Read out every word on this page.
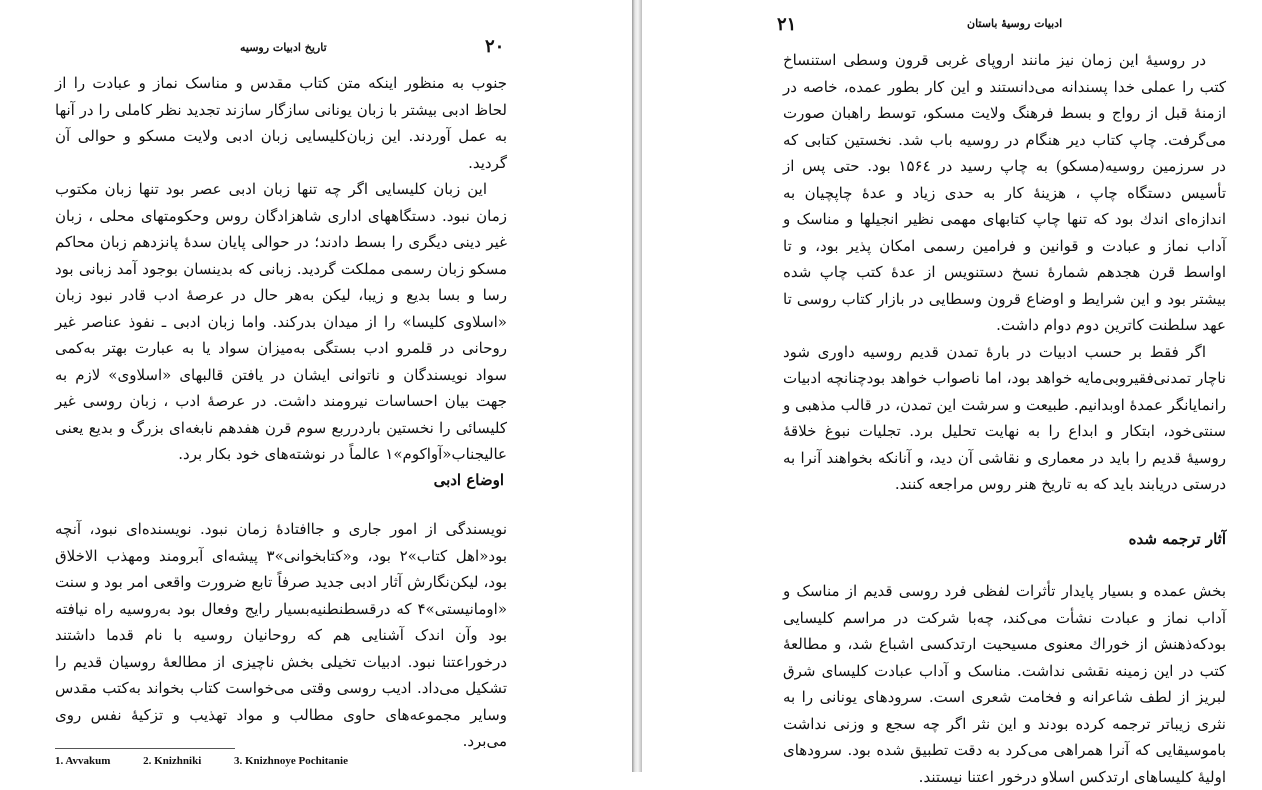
۲۰
تاریخ ادبیات روسیه

جنوب به منظور اینکه متن کتاب مقدس و مناسک نماز و عبادت را از لحاظ ادبی بیشتر با زبان یونانی سازگار سازند تجدید نظر کاملی را در آنها به عمل آوردند. این زبان‌کلیسایی زبان ادبی ولایت مسکو و حوالی آن گردید.

این زبان کلیسایی اگر چه تنها زبان ادبی عصر بود تنها زبان مکتوب زمان نبود. دستگاههای اداری شاهزادگان روس وحکومتهای محلی ، زبان غیر دینی دیگری را بسط دادند؛ در حوالی پایان سدهٔ پانزدهم زبان محاکم مسکو زبان رسمی مملکت گردید. زبانی که بدینسان بوجود آمد زبانی بود رسا و بسا بدیع و زیبا، لیکن به‌هر حال در عرصهٔ ادب قادر نبود زبان «اسلاوی کلیسا» را از میدان بدرکند. واما زبان ادبی ـ نفوذ عناصر غیر روحانی در قلمرو ادب بستگی به‌میزان سواد یا به عبارت بهتر به‌کمی سواد نویسندگان و ناتوانی ایشان در یافتن قالبهای «اسلاوی» لازم به جهت بیان احساسات نیرومند داشت. در عرصهٔ ادب ، زبان روسی غیر کلیسائی را نخستین باردرربع سوم قرن هفدهم نابغه‌ای بزرگ و بدیع یعنی عالیجناب«آواکوم»۱ عالماً در نوشته‌های خود بکار برد.

اوضاع ادبی

نویسندگی از امور جاری و جاافتادهٔ زمان نبود. نویسنده‌ای نبود، آنچه بود«اهل کتاب»۲ بود، و«کتابخوانی»۳ پیشه‌ای آبرومند ومهذب الاخلاق بود، لیکن‌نگارش آثار ادبی جدید صرفاً تابع ضرورت واقعی امر بود و سنت «اومانیستی»۴ که درقسطنطنیه‌بسیار رایج وفعال بود به‌روسیه راه نیافته بود وآن اندک آشنایی هم که روحانیان روسیه با نام قدما داشتند درخوراعتنا نبود. ادبیات تخیلی بخش ناچیزی از مطالعهٔ روسیان قدیم را تشکیل می‌داد. ادیب روسی وقتی می‌خواست کتاب بخواند به‌کتب مقدس وسایر مجموعه‌های حاوی مطالب و مواد تهذیب و تزکیهٔ نفس روی می‌برد.

1. Avvakum	2. Knizhniki	3. Knizhnoye Pochitanie
۲۱	ادبیات روسیهٔ باستان

در روسیهٔ این زمان نیز مانند اروپای غربی قرون وسطی استنساخ کتب را عملی خدا پسندانه می‌دانستند و این کار بطور عمده، خاصه در ازمنهٔ قبل از رواج و بسط فرهنگ ولایت مسکو، توسط راهبان صورت می‌گرفت. چاپ کتاب دیر هنگام در روسیه باب شد. نخستین کتابی که در سرزمین روسیه(مسکو) به چاپ رسید در ۱۵۶٤ بود. حتی پس از تأسیس دستگاه چاپ ، هزینهٔ کار به حدی زیاد و عدهٔ چاپچیان به اندازه‌ای اندك بود که تنها چاپ کتابهای مهمی نظیر انجیلها و مناسک و آداب نماز و عبادت و قوانین و فرامین رسمی امکان پذیر بود، و تا اواسط قرن هجدهم شمارهٔ نسخ دستنویس از عدهٔ کتب چاپ شده بیشتر بود و این شرایط و اوضاع قرون وسطایی در بازار کتاب روسی تا عهد سلطنت کاترین دوم دوام داشت.

اگر فقط بر حسب ادبیات در بارهٔ تمدن قدیم روسیه داوری شود ناچار تمدنی‌فقیروبی‌مایه خواهد بود، اما ناصواب خواهد بودچنانچه ادبیات رانمایانگر عمدهٔ اوبدانیم. طبیعت و سرشت این تمدن، در قالب مذهبی و سنتی‌خود، ابتکار و ابداع را به نهایت تحلیل برد. تجلیات نبوغ خلاقهٔ روسیهٔ قدیم را باید در معماری و نقاشی آن دید، و آنانکه بخواهند آنرا به درستی دریابند باید که به تاریخ هنر روس مراجعه کنند.

آثار ترجمه شده

بخش عمده و بسیار پایدار تأثرات لفظی فرد روسی قدیم از مناسک و آداب نماز و عبادت نشأت می‌کند، چه‌با شرکت در مراسم کلیسایی بودکه‌ذهنش از خوراك معنوی مسیحیت ارتدکسی اشباع شد، و مطالعهٔ کتب در این زمینه نقشی نداشت. مناسک و آداب عبادت کلیسای شرق لبریز از لطف شاعرانه و فخامت شعری است. سرودهای یونانی را به نثری زیباتر ترجمه کرده بودند و این نثر اگر چه سجع و وزنی نداشت باموسیقایی که آنرا همراهی می‌کرد به دقت تطبیق شده بود. سرودهای اولیهٔ کلیساهای ارتدکس اسلاو درخور اعتنا نیستند.
